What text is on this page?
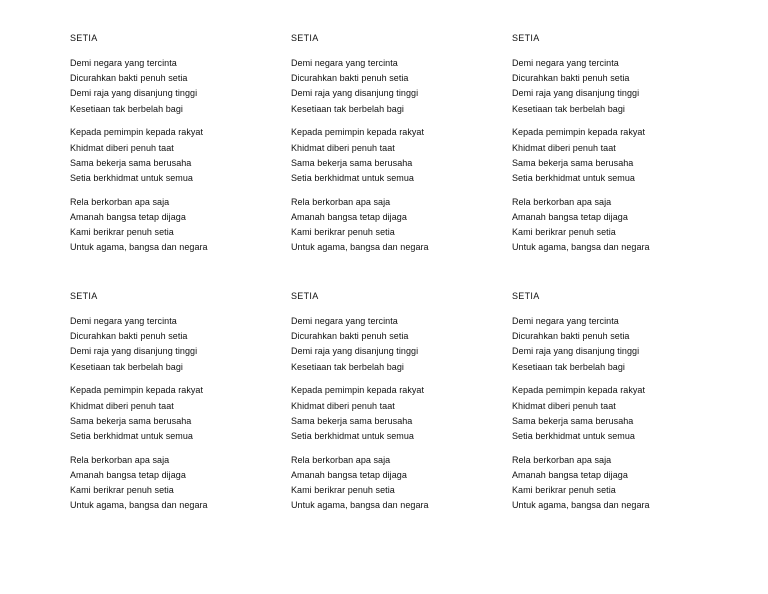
SETIA
Demi negara yang tercinta
Dicurahkan bakti penuh setia
Demi raja yang disanjung tinggi
Kesetiaan tak berbelah bagi
Kepada pemimpin kepada rakyat
Khidmat diberi penuh taat
Sama bekerja sama berusaha
Setia berkhidmat untuk semua
Rela berkorban apa saja
Amanah bangsa tetap dijaga
Kami berikrar penuh setia
Untuk agama, bangsa dan negara
SETIA
Demi negara yang tercinta
Dicurahkan bakti penuh setia
Demi raja yang disanjung tinggi
Kesetiaan tak berbelah bagi
Kepada pemimpin kepada rakyat
Khidmat diberi penuh taat
Sama bekerja sama berusaha
Setia berkhidmat untuk semua
Rela berkorban apa saja
Amanah bangsa tetap dijaga
Kami berikrar penuh setia
Untuk agama, bangsa dan negara
SETIA
Demi negara yang tercinta
Dicurahkan bakti penuh setia
Demi raja yang disanjung tinggi
Kesetiaan tak berbelah bagi
Kepada pemimpin kepada rakyat
Khidmat diberi penuh taat
Sama bekerja sama berusaha
Setia berkhidmat untuk semua
Rela berkorban apa saja
Amanah bangsa tetap dijaga
Kami berikrar penuh setia
Untuk agama, bangsa dan negara
SETIA
Demi negara yang tercinta
Dicurahkan bakti penuh setia
Demi raja yang disanjung tinggi
Kesetiaan tak berbelah bagi
Kepada pemimpin kepada rakyat
Khidmat diberi penuh taat
Sama bekerja sama berusaha
Setia berkhidmat untuk semua
Rela berkorban apa saja
Amanah bangsa tetap dijaga
Kami berikrar penuh setia
Untuk agama, bangsa dan negara
SETIA
Demi negara yang tercinta
Dicurahkan bakti penuh setia
Demi raja yang disanjung tinggi
Kesetiaan tak berbelah bagi
Kepada pemimpin kepada rakyat
Khidmat diberi penuh taat
Sama bekerja sama berusaha
Setia berkhidmat untuk semua
Rela berkorban apa saja
Amanah bangsa tetap dijaga
Kami berikrar penuh setia
Untuk agama, bangsa dan negara
SETIA
Demi negara yang tercinta
Dicurahkan bakti penuh setia
Demi raja yang disanjung tinggi
Kesetiaan tak berbelah bagi
Kepada pemimpin kepada rakyat
Khidmat diberi penuh taat
Sama bekerja sama berusaha
Setia berkhidmat untuk semua
Rela berkorban apa saja
Amanah bangsa tetap dijaga
Kami berikrar penuh setia
Untuk agama, bangsa dan negara
